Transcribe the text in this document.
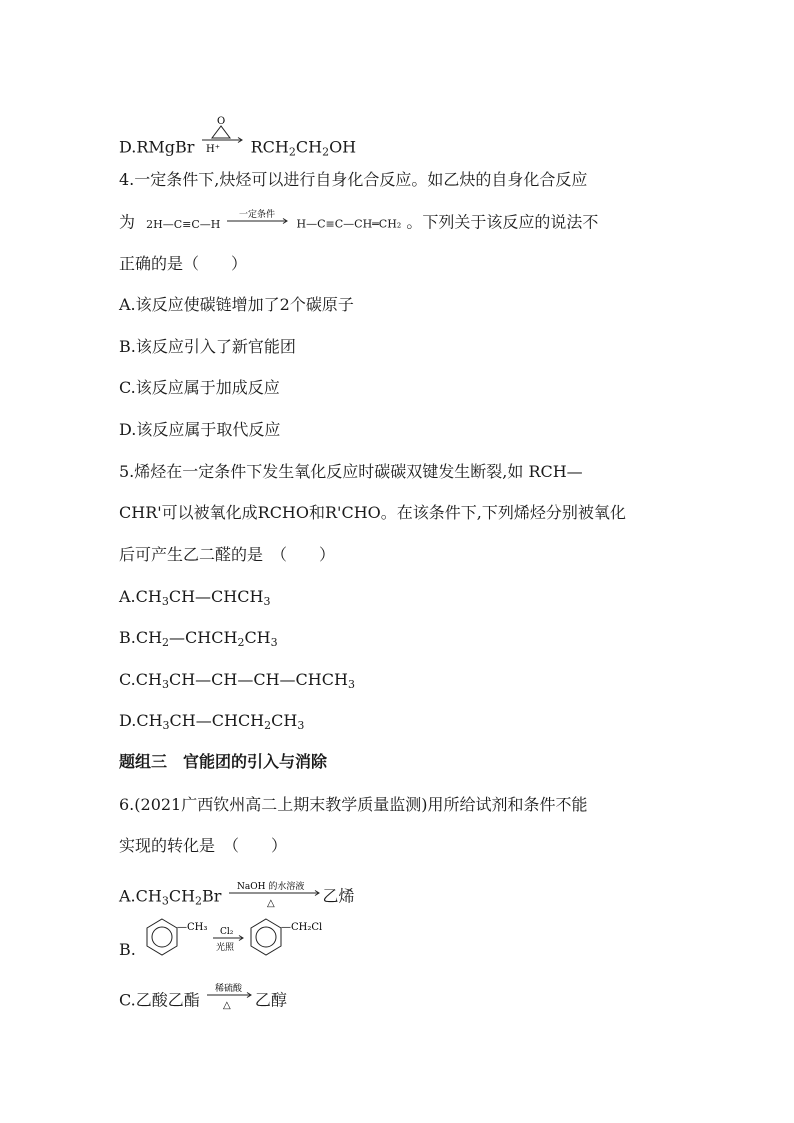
D.RMgBr
O
H⁺ $RCH_2CH_2OH$
4.一定条件下,炔烃可以进行自身化合反应。如乙炔的自身化合反应
为 2H—C≡C—H
一定条件
H—C≡C—CH═CH₂ 。下列关于该反应的说法不
正确的是（　　）
A.该反应使碳链增加了2个碳原子
B.该反应引入了新官能团
C.该反应属于加成反应
D.该反应属于取代反应
5.烯烃在一定条件下发生氧化反应时碳碳双键发生断裂,如 RCH—
CHR'可以被氧化成RCHO和R'CHO。在该条件下,下列烯烃分别被氧化
后可产生乙二醛的是　（　　）
$A.CH_3CH—CHCH_3$
$B.CH_2—CHCH_2CH_3$
$C.CH_3CH—CH—CH—CHCH_3$
$D.CH_3CH—CHCH_2CH_3$
题组三　官能团的引入与消除
6.(2021广西钦州高二上期末教学质量监测)用所给试剂和条件不能
实现的转化是　（　　）
$A.CH_3CH_2Br$ NaOH 的水溶液
△	乙烯
B.
—CH₃ Cl₂
光照
—CH₂Cl
C.乙酸乙酯
稀硫酸
△ 乙醇
